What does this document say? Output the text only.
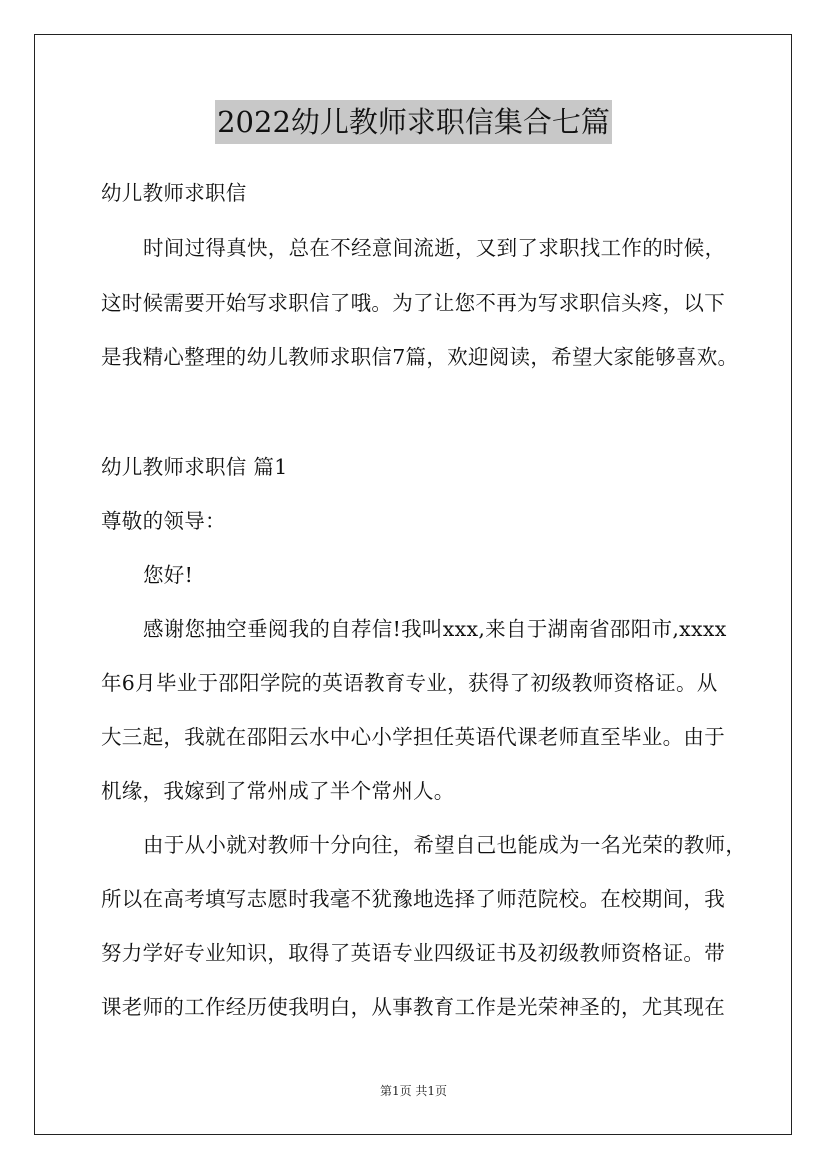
2022幼儿教师求职信集合七篇
幼儿教师求职信
时间过得真快，总在不经意间流逝，又到了求职找工作的时候，
这时候需要开始写求职信了哦。为了让您不再为写求职信头疼，以下
是我精心整理的幼儿教师求职信7篇，欢迎阅读，希望大家能够喜欢。
幼儿教师求职信 篇1
尊敬的领导：
您好!
感谢您抽空垂阅我的自荐信!我叫xxx,来自于湖南省邵阳市,xxxx
年6月毕业于邵阳学院的英语教育专业，获得了初级教师资格证。从
大三起，我就在邵阳云水中心小学担任英语代课老师直至毕业。由于
机缘，我嫁到了常州成了半个常州人。
由于从小就对教师十分向往，希望自己也能成为一名光荣的教师，
所以在高考填写志愿时我毫不犹豫地选择了师范院校。在校期间，我
努力学好专业知识，取得了英语专业四级证书及初级教师资格证。带
课老师的工作经历使我明白，从事教育工作是光荣神圣的，尤其现在
第1页 共1页
